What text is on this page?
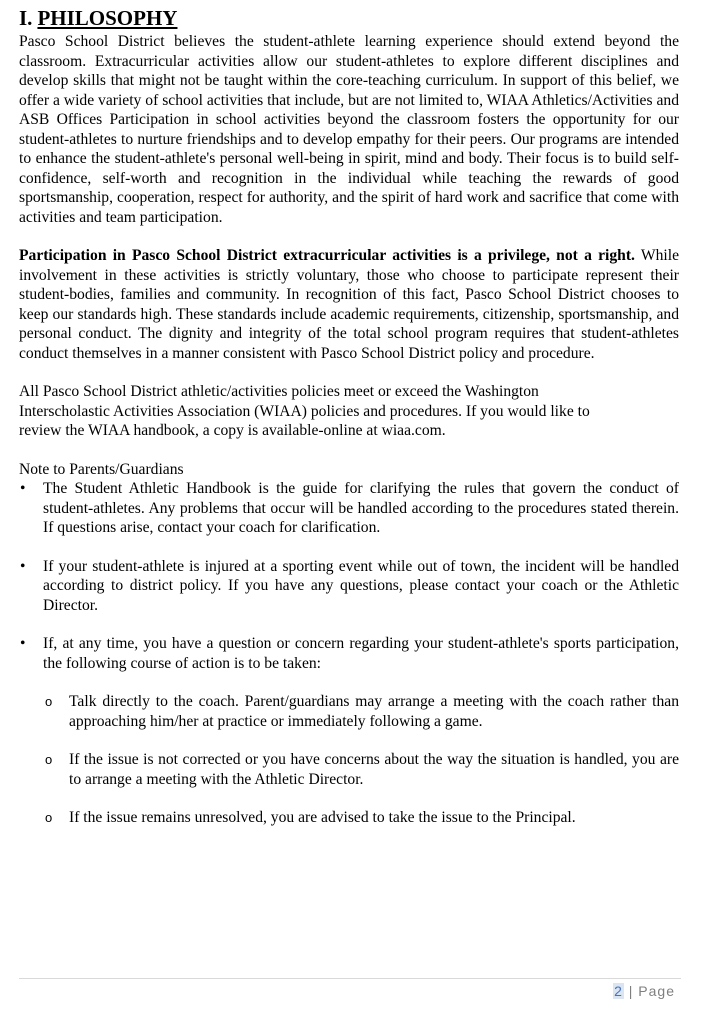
I. PHILOSOPHY

Pasco School District believes the student-athlete learning experience should extend beyond the classroom. Extracurricular activities allow our student-athletes to explore different disciplines and develop skills that might not be taught within the core-teaching curriculum. In support of this belief, we offer a wide variety of school activities that include, but are not limited to, WIAA Athletics/Activities and ASB Offices Participation in school activities beyond the classroom fosters the opportunity for our student-athletes to nurture friendships and to develop empathy for their peers. Our programs are intended to enhance the student-athlete's personal well-being in spirit, mind and body. Their focus is to build self-confidence, self-worth and recognition in the individual while teaching the rewards of good sportsmanship, cooperation, respect for authority, and the spirit of hard work and sacrifice that come with activities and team participation.

Participation in Pasco School District extracurricular activities is a privilege, not a right. While involvement in these activities is strictly voluntary, those who choose to participate represent their student-bodies, families and community. In recognition of this fact, Pasco School District chooses to keep our standards high. These standards include academic requirements, citizenship, sportsmanship, and personal conduct. The dignity and integrity of the total school program requires that student-athletes conduct themselves in a manner consistent with Pasco School District policy and procedure.

All Pasco School District athletic/activities policies meet or exceed the Washington
Interscholastic Activities Association (WIAA) policies and procedures. If you would like to
review the WIAA handbook, a copy is available-online at wiaa.com.
Note to Parents/Guardians
• The Student Athletic Handbook is the guide for clarifying the rules that govern the conduct of student-athletes. Any problems that occur will be handled according to the procedures stated therein. If questions arise, contact your coach for clarification.
• If your student-athlete is injured at a sporting event while out of town, the incident will be handled according to district policy. If you have any questions, please contact your coach or the Athletic Director.
• If, at any time, you have a question or concern regarding your student-athlete's sports participation, the following course of action is to be taken:
o Talk directly to the coach. Parent/guardians may arrange a meeting with the coach rather than approaching him/her at practice or immediately following a game.
o If the issue is not corrected or you have concerns about the way the situation is handled, you are to arrange a meeting with the Athletic Director.
o If the issue remains unresolved, you are advised to take the issue to the Principal.
2 | Page
